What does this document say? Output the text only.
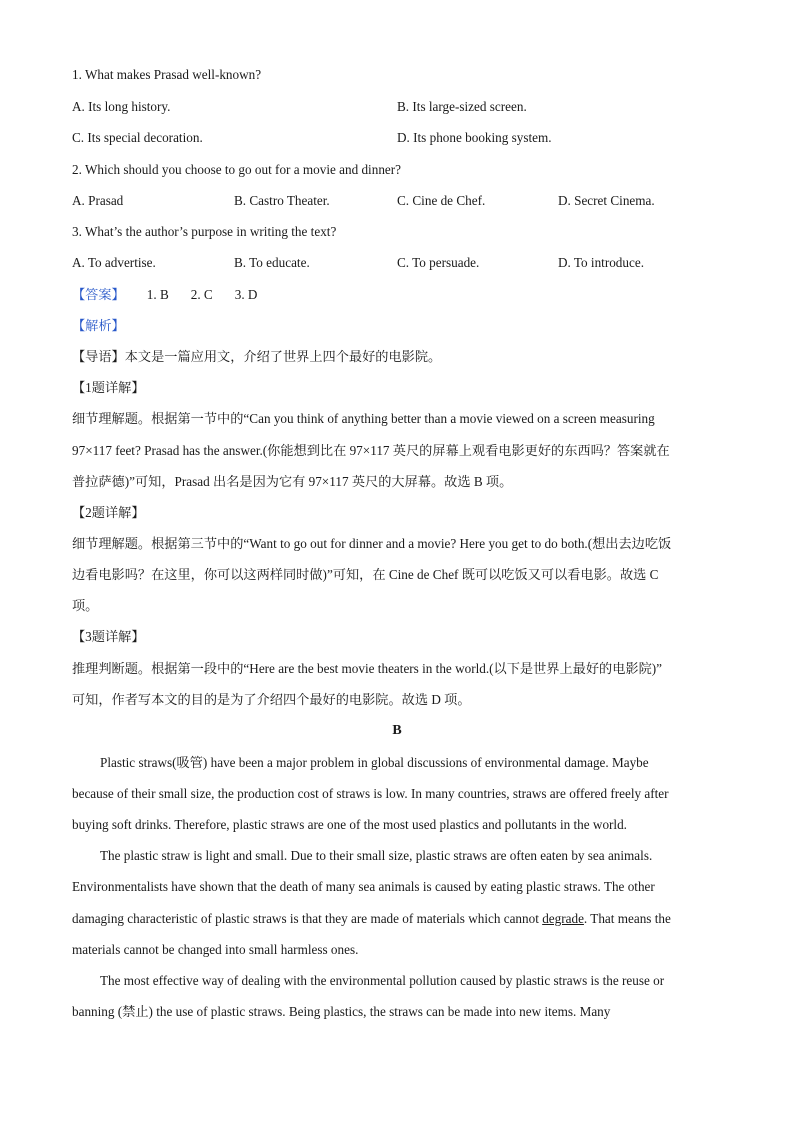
1. What makes Prasad well-known?
A. Its long history.	B. Its large-sized screen.
C. Its special decoration.	D. Its phone booking system.
2. Which should you choose to go out for a movie and dinner?
A. Prasad	B. Castro Theater.	C. Cine de Chef.	D. Secret Cinema.
3. What’s the author’s purpose in writing the text?
A. To advertise.	B. To educate.	C. To persuade.	D. To introduce.
【答案】 1. B 2. C 3. D
【解析】
【导语】本文是一篇应用文，介绍了世界上四个最好的电影院。
【1题详解】
细节理解题。根据第一节中的“Can you think of anything better than a movie viewed on a screen measuring
97×117 feet? Prasad has the answer.(你能想到比在 97×117 英尺的屏幕上观看电影更好的东西吗？答案就在
普拉萨德)”可知，Prasad 出名是因为它有 97×117 英尺的大屏幕。故选 B 项。
【2题详解】
细节理解题。根据第三节中的“Want to go out for dinner and a movie? Here you get to do both.(想出去边吃饭
边看电影吗？在这里，你可以这两样同时做)”可知，在 Cine de Chef 既可以吃饭又可以看电影。故选 C
项。
【3题详解】
推理判断题。根据第一段中的“Here are the best movie theaters in the world.(以下是世界上最好的电影院)”
可知，作者写本文的目的是为了介绍四个最好的电影院。故选 D 项。
B
Plastic straws(吸管) have been a major problem in global discussions of environmental damage. Maybe
because of their small size, the production cost of straws is low. In many countries, straws are offered freely after
buying soft drinks. Therefore, plastic straws are one of the most used plastics and pollutants in the world.
The plastic straw is light and small. Due to their small size, plastic straws are often eaten by sea animals.
Environmentalists have shown that the death of many sea animals is caused by eating plastic straws. The other
damaging characteristic of plastic straws is that they are made of materials which cannot degrade. That means the
materials cannot be changed into small harmless ones.
The most effective way of dealing with the environmental pollution caused by plastic straws is the reuse or
banning (禁止) the use of plastic straws. Being plastics, the straws can be made into new items. Many
